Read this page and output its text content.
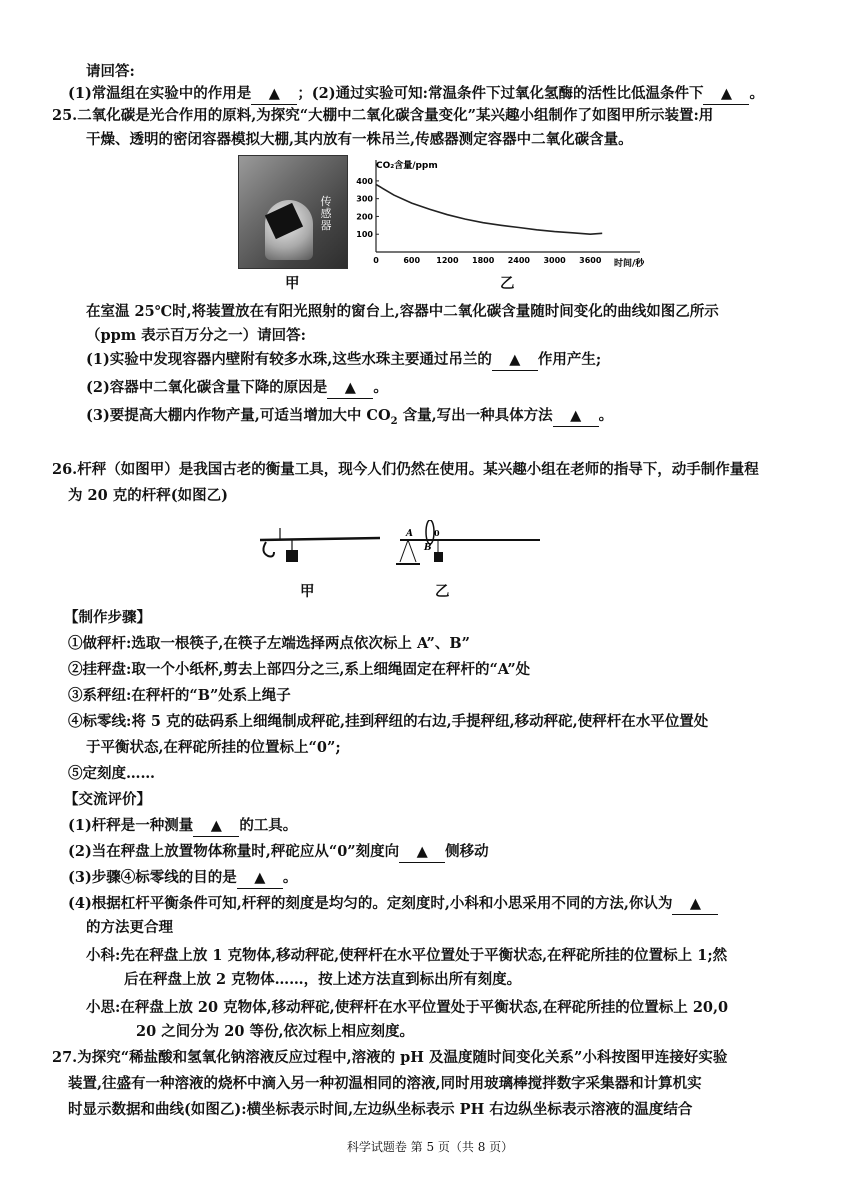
请回答:
(1)常温组在实验中的作用是 ▲ ；(2)通过实验可知:常温条件下过氧化氢酶的活性比低温条件下 ▲ 。
25.二氧化碳是光合作用的原料,为探究“大棚中二氧化碳含量变化”某兴趣小组制作了如图甲所示装置:用
干燥、透明的密闭容器模拟大棚,其内放有一株吊兰,传感器测定容器中二氧化碳含量。
传感器
0	600 1200 1800 2400 3000 3600
100
200
300
400
CO₂含量/ppm
时间/秒
甲	乙
在室温 25℃时,将装置放在有阳光照射的窗台上,容器中二氧化碳含量随时间变化的曲线如图乙所示
（ppm 表示百万分之一）请回答:
(1)实验中发现容器内壁附有较多水珠,这些水珠主要通过吊兰的 ▲ 作用产生;
(2)容器中二氧化碳含量下降的原因是 ▲ 。
(3)要提高大棚内作物产量,可适当增加大中 $CO_2$ 含量,写出一种具体方法 ▲ 。
26.杆秤（如图甲）是我国古老的衡量工具，现今人们仍然在使用。某兴趣小组在老师的指导下，动手制作量程
为 20 克的杆秤(如图乙)
A
B
0
甲	乙
【制作步骤】
①做秤杆:选取一根筷子,在筷子左端选择两点依次标上 A”、B”
②挂秤盘:取一个小纸杯,剪去上部四分之三,系上细绳固定在秤杆的“A”处
③系秤纽:在秤杆的“B”处系上绳子
④标零线:将 5 克的砝码系上细绳制成秤砣,挂到秤纽的右边,手提秤纽,移动秤砣,使秤杆在水平位置处
于平衡状态,在秤砣所挂的位置标上“0”;
⑤定刻度……
【交流评价】
(1)杆秤是一种测量 ▲ 的工具。
(2)当在秤盘上放置物体称量时,秤砣应从“0”刻度向 ▲ 侧移动
(3)步骤④标零线的目的是 ▲ 。
(4)根据杠杆平衡条件可知,杆秤的刻度是均匀的。定刻度时,小科和小思采用不同的方法,你认为 ▲
的方法更合理
小科:先在秤盘上放 1 克物体,移动秤砣,使秤杆在水平位置处于平衡状态,在秤砣所挂的位置标上 1;然
后在秤盘上放 2 克物体……，按上述方法直到标出所有刻度。
小思:在秤盘上放 20 克物体,移动秤砣,使秤杆在水平位置处于平衡状态,在秤砣所挂的位置标上 20,0
20 之间分为 20 等份,依次标上相应刻度。
27.为探究“稀盐酸和氢氧化钠溶液反应过程中,溶液的 pH 及温度随时间变化关系”小科按图甲连接好实验
装置,往盛有一种溶液的烧杯中滴入另一种初温相同的溶液,同时用玻璃棒搅拌数字采集器和计算机实
时显示数据和曲线(如图乙):横坐标表示时间,左边纵坐标表示 PH 右边纵坐标表示溶液的温度结合
科学试题卷 第 5 页（共 8 页）
